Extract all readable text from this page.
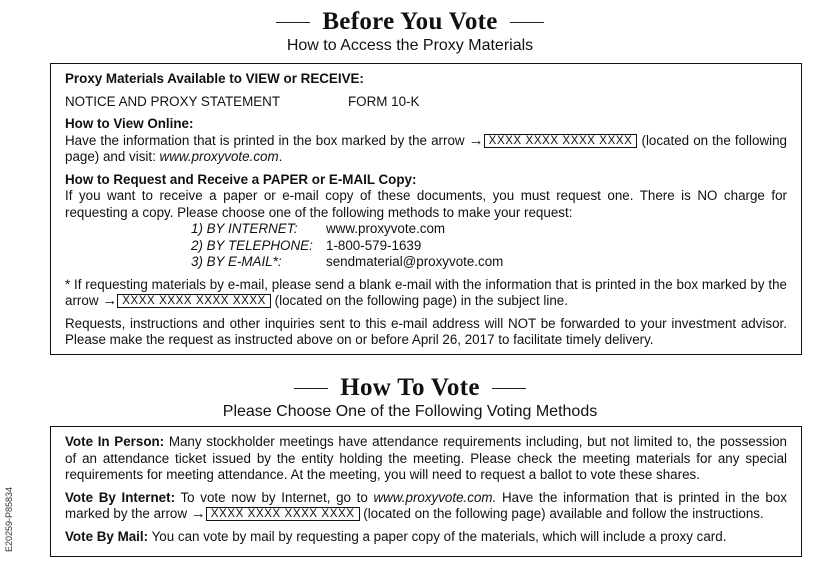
E20259-P85834
Before You Vote
How to Access the Proxy Materials

Proxy Materials Available to VIEW or RECEIVE:

NOTICE AND PROXY STATEMENT	FORM 10-K

How to View Online:

Have the information that is printed in the box marked by the arrow → XXXX XXXX XXXX XXXX (located on the following page) and visit: www.proxyvote.com.

How to Request and Receive a PAPER or E-MAIL Copy:

If you want to receive a paper or e-mail copy of these documents, you must request one. There is NO charge for requesting a copy. Please choose one of the following methods to make your request:

1) BY INTERNET:	www.proxyvote.com
2) BY TELEPHONE: 1-800-579-1639
3) BY E-MAIL*:	sendmaterial@proxyvote.com

* If requesting materials by e-mail, please send a blank e-mail with the information that is printed in the box marked by the arrow → XXXX XXXX XXXX XXXX (located on the following page) in the subject line.

Requests, instructions and other inquiries sent to this e-mail address will NOT be forwarded to your investment advisor. Please make the request as instructed above on or before April 26, 2017 to facilitate timely delivery.

How To Vote
Please Choose One of the Following Voting Methods

Vote In Person: Many stockholder meetings have attendance requirements including, but not limited to, the possession of an attendance ticket issued by the entity holding the meeting. Please check the meeting materials for any special requirements for meeting attendance. At the meeting, you will need to request a ballot to vote these shares.

Vote By Internet: To vote now by Internet, go to www.proxyvote.com. Have the information that is printed in the box marked by the arrow → XXXX XXXX XXXX XXXX (located on the following page) available and follow the instructions.

Vote By Mail: You can vote by mail by requesting a paper copy of the materials, which will include a proxy card.
